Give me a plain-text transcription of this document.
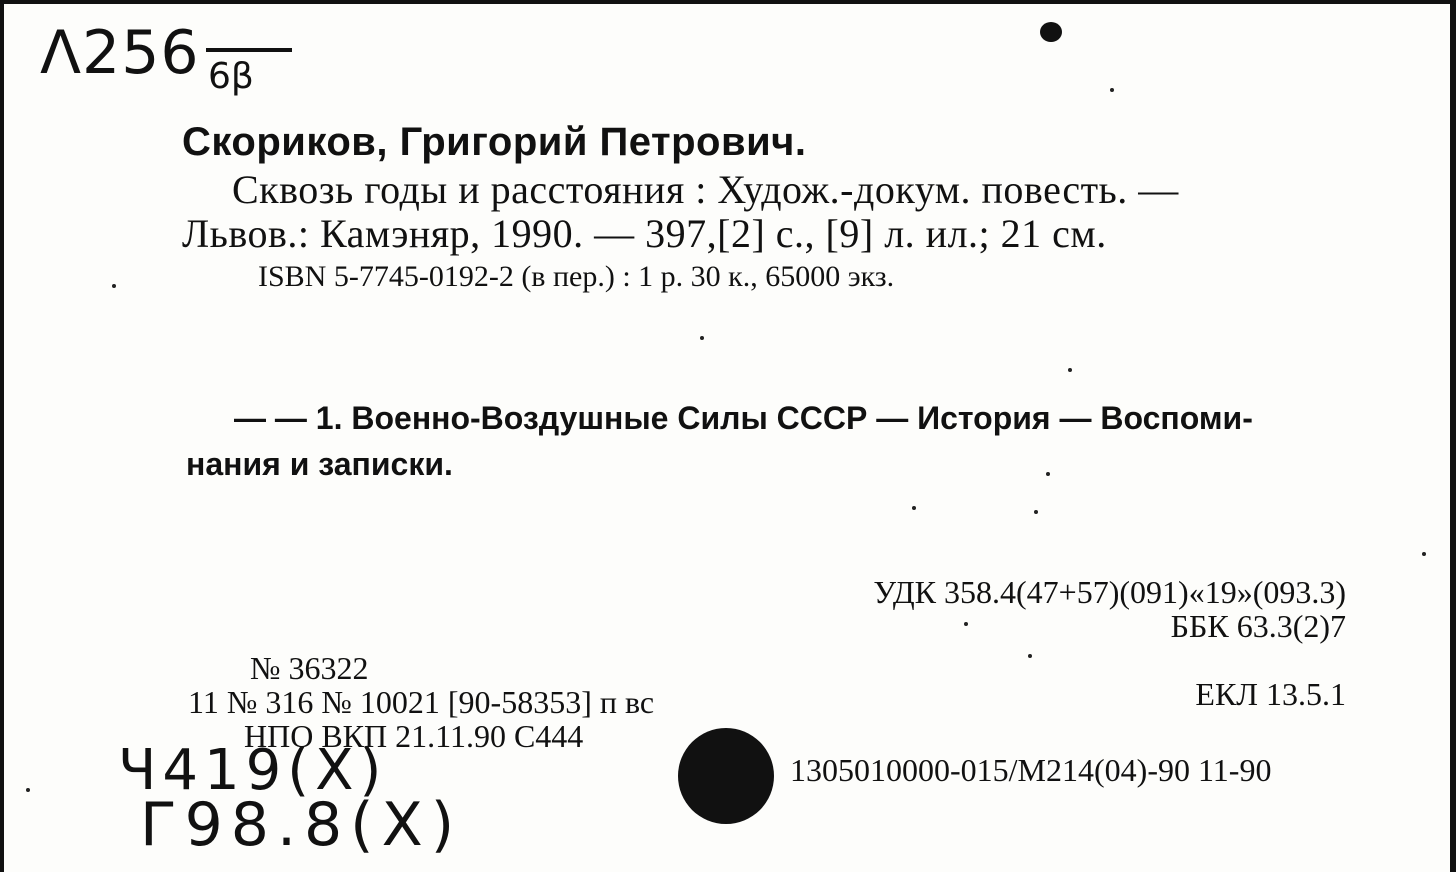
Λ256 6β
Скориков, Григорий Петрович.
Сквозь годы и расстояния : Худож.-докум. повесть. —
Львов.: Камэняр, 1990. — 397,[2] с., [9] л. ил.; 21 см.
ISBN 5-7745-0192-2 (в пер.) : 1 р. 30 к., 65000 экз.
— — 1. Военно-Воздушные Силы СССР — История — Воспоми-
нания и записки.
УДК 358.4(47+57)(091)«19»(093.3)
ББК 63.3(2)7
ЕКЛ 13.5.1
№ 36322
11 № 316 № 10021 [90-58353] п вс
НПО ВКП 21.11.90 С444
1305010000-015/М214(04)-90 11-90
Ч419(Х)
Г98.8(Х)
